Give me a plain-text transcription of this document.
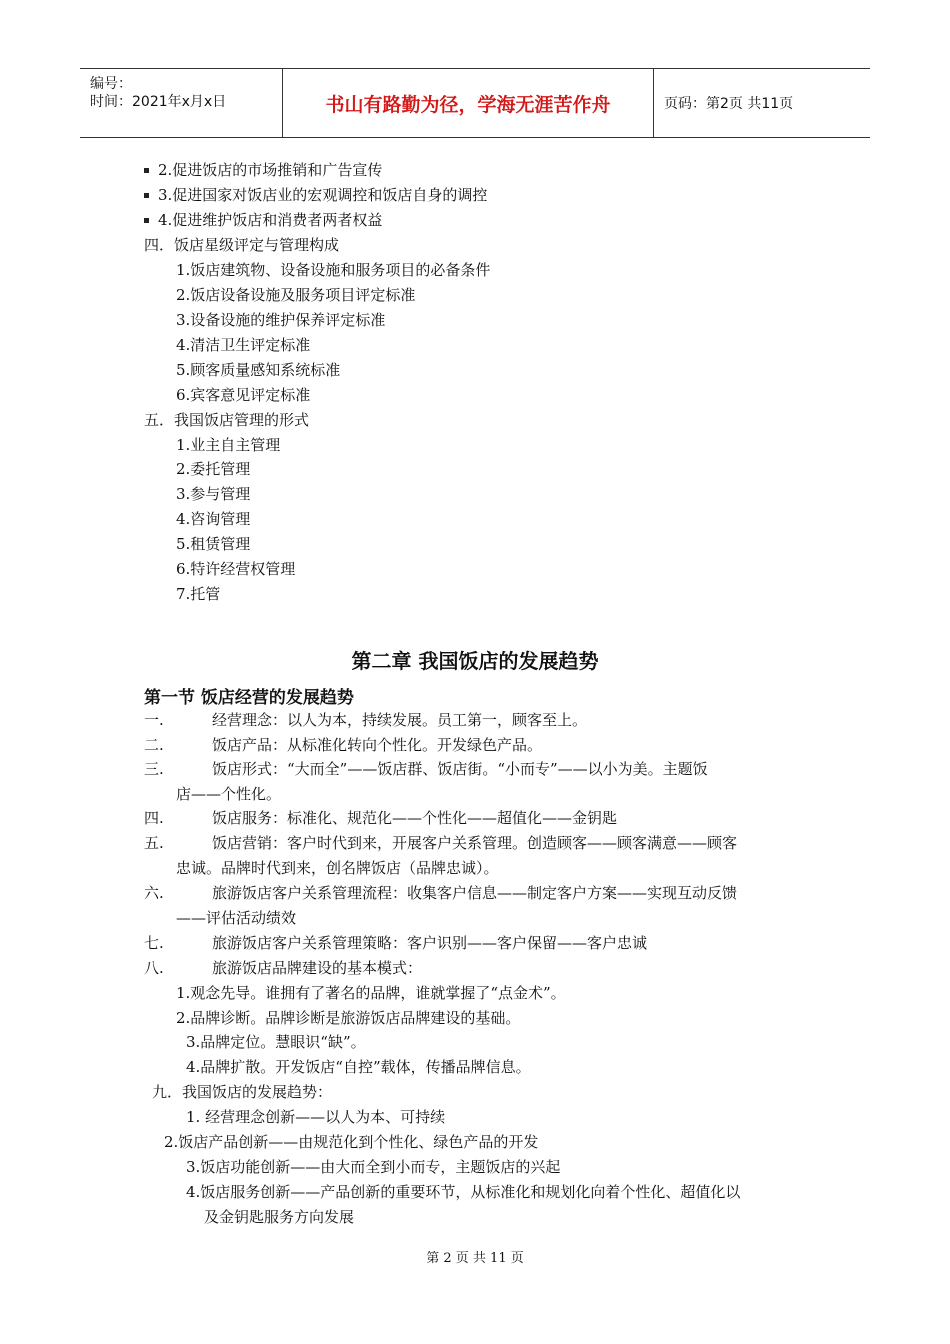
编号：
时间：2021年x月x日	书山有路勤为径，学海无涯苦作舟	页码：第2页 共11页
2.促进饭店的市场推销和广告宣传
3.促进国家对饭店业的宏观调控和饭店自身的调控
4.促进维护饭店和消费者两者权益
四．饭店星级评定与管理构成
1.饭店建筑物、设备设施和服务项目的必备条件
2.饭店设备设施及服务项目评定标准
3.设备设施的维护保养评定标准
4.清洁卫生评定标准
5.顾客质量感知系统标准
6.宾客意见评定标准
五．我国饭店管理的形式
1.业主自主管理
2.委托管理
3.参与管理
4.咨询管理
5.租赁管理
6.特许经营权管理
7.托管
第二章 我国饭店的发展趋势
第一节 饭店经营的发展趋势
一.	经营理念：以人为本，持续发展。员工第一，顾客至上。
二.	饭店产品：从标准化转向个性化。开发绿色产品。
三.	饭店形式：“大而全”——饭店群、饭店街。“小而专”——以小为美。主题饭
店——个性化。
四.	饭店服务：标准化、规范化——个性化——超值化——金钥匙
五.	饭店营销：客户时代到来，开展客户关系管理。创造顾客——顾客满意——顾客
忠诚。品牌时代到来，创名牌饭店（品牌忠诚）。
六.	旅游饭店客户关系管理流程：收集客户信息——制定客户方案——实现互动反馈
——评估活动绩效
七.	旅游饭店客户关系管理策略：客户识别——客户保留——客户忠诚
八.	旅游饭店品牌建设的基本模式：
1.观念先导。谁拥有了著名的品牌，谁就掌握了“点金术”。
2.品牌诊断。品牌诊断是旅游饭店品牌建设的基础。
3.品牌定位。慧眼识“缺”。
4.品牌扩散。开发饭店“自控”载体，传播品牌信息。
九．我国饭店的发展趋势：
1. 经营理念创新——以人为本、可持续
2.饭店产品创新——由规范化到个性化、绿色产品的开发
3.饭店功能创新——由大而全到小而专，主题饭店的兴起
4.饭店服务创新——产品创新的重要环节，从标准化和规划化向着个性化、超值化以
及金钥匙服务方向发展
第 2 页 共 11 页
